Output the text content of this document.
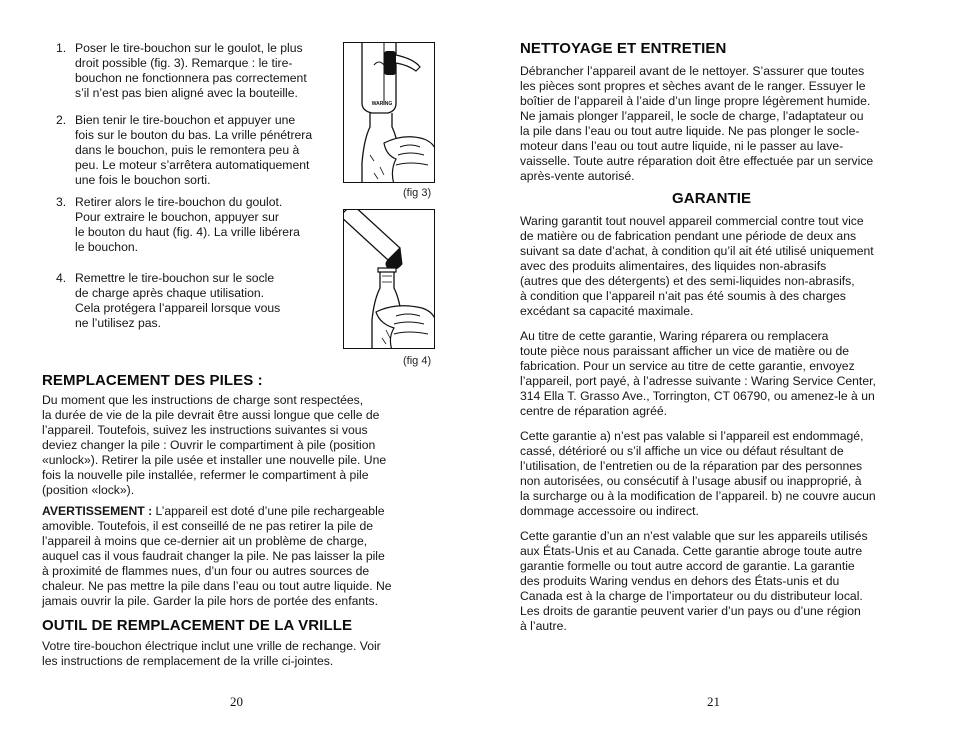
1. Poser le tire-bouchon sur le goulot, le plus
droit possible (fig. 3). Remarque : le tire-
bouchon ne fonctionnera pas correctement
s’il n’est pas bien aligné avec la bouteille.
2. Bien tenir le tire-bouchon et appuyer une
fois sur le bouton du bas. La vrille pénétrera
dans le bouchon, puis le remontera peu à
peu. Le moteur s’arrêtera automatiquement
une fois le bouchon sorti.
3. Retirer alors le tire-bouchon du goulot.
Pour extraire le bouchon, appuyer sur
le bouton du haut (fig. 4). La vrille libérera
le bouchon.
4. Remettre le tire-bouchon sur le socle
de charge après chaque utilisation.
Cela protégera l’appareil lorsque vous
ne l’utilisez pas.
WARING
(fig 3)
(fig 4)
REMPLACEMENT DES PILES :
Du moment que les instructions de charge sont respectées,
la durée de vie de la pile devrait être aussi longue que celle de
l’appareil. Toutefois, suivez les instructions suivantes si vous
deviez changer la pile : Ouvrir le compartiment à pile (position
«unlock»). Retirer la pile usée et installer une nouvelle pile. Une
fois la nouvelle pile installée, refermer le compartiment à pile
(position «lock»).
AVERTISSEMENT : L’appareil est doté d’une pile rechargeable
amovible. Toutefois, il est conseillé de ne pas retirer la pile de
l’appareil à moins que ce-dernier ait un problème de charge,
auquel cas il vous faudrait changer la pile. Ne pas laisser la pile
à proximité de flammes nues, d’un four ou autres sources de
chaleur. Ne pas mettre la pile dans l’eau ou tout autre liquide. Ne
jamais ouvrir la pile. Garder la pile hors de portée des enfants.
OUTIL DE REMPLACEMENT DE LA VRILLE
Votre tire-bouchon électrique inclut une vrille de rechange. Voir
les instructions de remplacement de la vrille ci-jointes.
20
NETTOYAGE ET ENTRETIEN
Débrancher l’appareil avant de le nettoyer. S’assurer que toutes
les pièces sont propres et sèches avant de le ranger. Essuyer le
boîtier de l’appareil à l’aide d’un linge propre légèrement humide.
Ne jamais plonger l’appareil, le socle de charge, l’adaptateur ou
la pile dans l’eau ou tout autre liquide. Ne pas plonger le socle-
moteur dans l’eau ou tout autre liquide, ni le passer au lave-
vaisselle. Toute autre réparation doit être effectuée par un service
après-vente autorisé.
GARANTIE
Waring garantit tout nouvel appareil commercial contre tout vice
de matière ou de fabrication pendant une période de deux ans
suivant sa date d’achat, à condition qu’il ait été utilisé uniquement
avec des produits alimentaires, des liquides non-abrasifs
(autres que des détergents) et des semi-liquides non-abrasifs,
à condition que l’appareil n’ait pas été soumis à des charges
excédant sa capacité maximale.
Au titre de cette garantie, Waring réparera ou remplacera
toute pièce nous paraissant afficher un vice de matière ou de
fabrication. Pour un service au titre de cette garantie, envoyez
l’appareil, port payé, à l’adresse suivante : Waring Service Center,
314 Ella T. Grasso Ave., Torrington, CT 06790, ou amenez-le à un
centre de réparation agréé.
Cette garantie a) n’est pas valable si l’appareil est endommagé,
cassé, détérioré ou s’il affiche un vice ou défaut résultant de
l’utilisation, de l’entretien ou de la réparation par des personnes
non autorisées, ou consécutif à l’usage abusif ou inapproprié, à
la surcharge ou à la modification de l’appareil. b) ne couvre aucun
dommage accessoire ou indirect.
Cette garantie d’un an n’est valable que sur les appareils utilisés
aux États-Unis et au Canada. Cette garantie abroge toute autre
garantie formelle ou tout autre accord de garantie. La garantie
des produits Waring vendus en dehors des États-unis et du
Canada est à la charge de l’importateur ou du distributeur local.
Les droits de garantie peuvent varier d’un pays ou d’une région
à l’autre.
21
